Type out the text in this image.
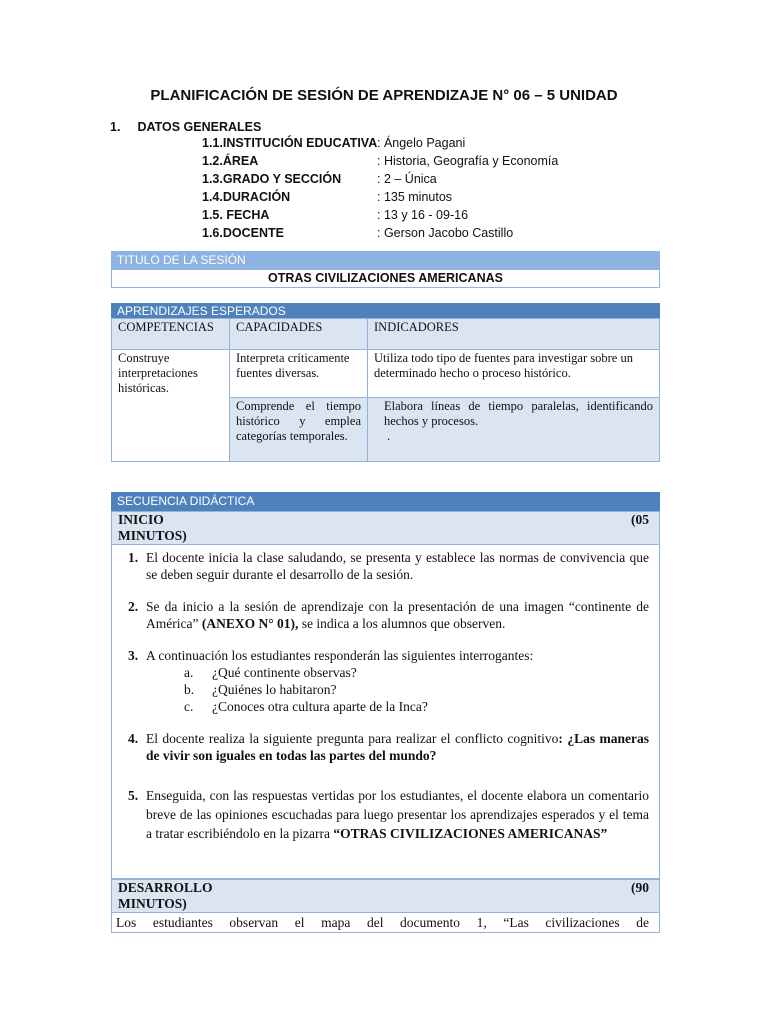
PLANIFICACIÓN DE SESIÓN DE APRENDIZAJE N° 06 – 5 UNIDAD
1. DATOS GENERALES
1.1.INSTITUCIÓN EDUCATIVA: Ángelo Pagani
1.2.ÁREA	: Historia, Geografía y Economía
1.3.GRADO Y SECCIÓN	: 2 – Única
1.4.DURACIÓN	: 135 minutos
1.5. FECHA	: 13 y 16 - 09-16
1.6.DOCENTE	: Gerson Jacobo Castillo
TITULO DE LA SESIÓN
OTRAS CIVILIZACIONES AMERICANAS
APRENDIZAJES ESPERADOS
COMPETENCIAS	CAPACIDADES	INDICADORES
Construye interpretaciones históricas.	Interpreta críticamente fuentes diversas.	Utiliza todo tipo de fuentes para investigar sobre un determinado hecho o proceso histórico.
	Comprende el tiempo histórico y emplea categorías temporales.	Elabora líneas de tiempo paralelas, identificando hechos y procesos.
.
SECUENCIA DIDÁCTICA
INICIO	(05
MINUTOS)
1. El docente inicia la clase saludando, se presenta y establece las normas de convivencia que se deben seguir durante el desarrollo de la sesión.
2. Se da inicio a la sesión de aprendizaje con la presentación de una imagen “continente de América” (ANEXO N° 01), se indica a los alumnos que observen.
3. A continuación los estudiantes responderán las siguientes interrogantes:
a. ¿Qué continente observas?
b. ¿Quiénes lo habitaron?
c. ¿Conoces otra cultura aparte de la Inca?
4. El docente realiza la siguiente pregunta para realizar el conflicto cognitivo: ¿Las maneras de vivir son iguales en todas las partes del mundo?
5. Enseguida, con las respuestas vertidas por los estudiantes, el docente elabora un comentario breve de las opiniones escuchadas para luego presentar los aprendizajes esperados y el tema a tratar escribiéndolo en la pizarra “OTRAS CIVILIZACIONES AMERICANAS”
DESARROLLO	(90
MINUTOS)
Los estudiantes observan el mapa del documento 1, “Las civilizaciones de
